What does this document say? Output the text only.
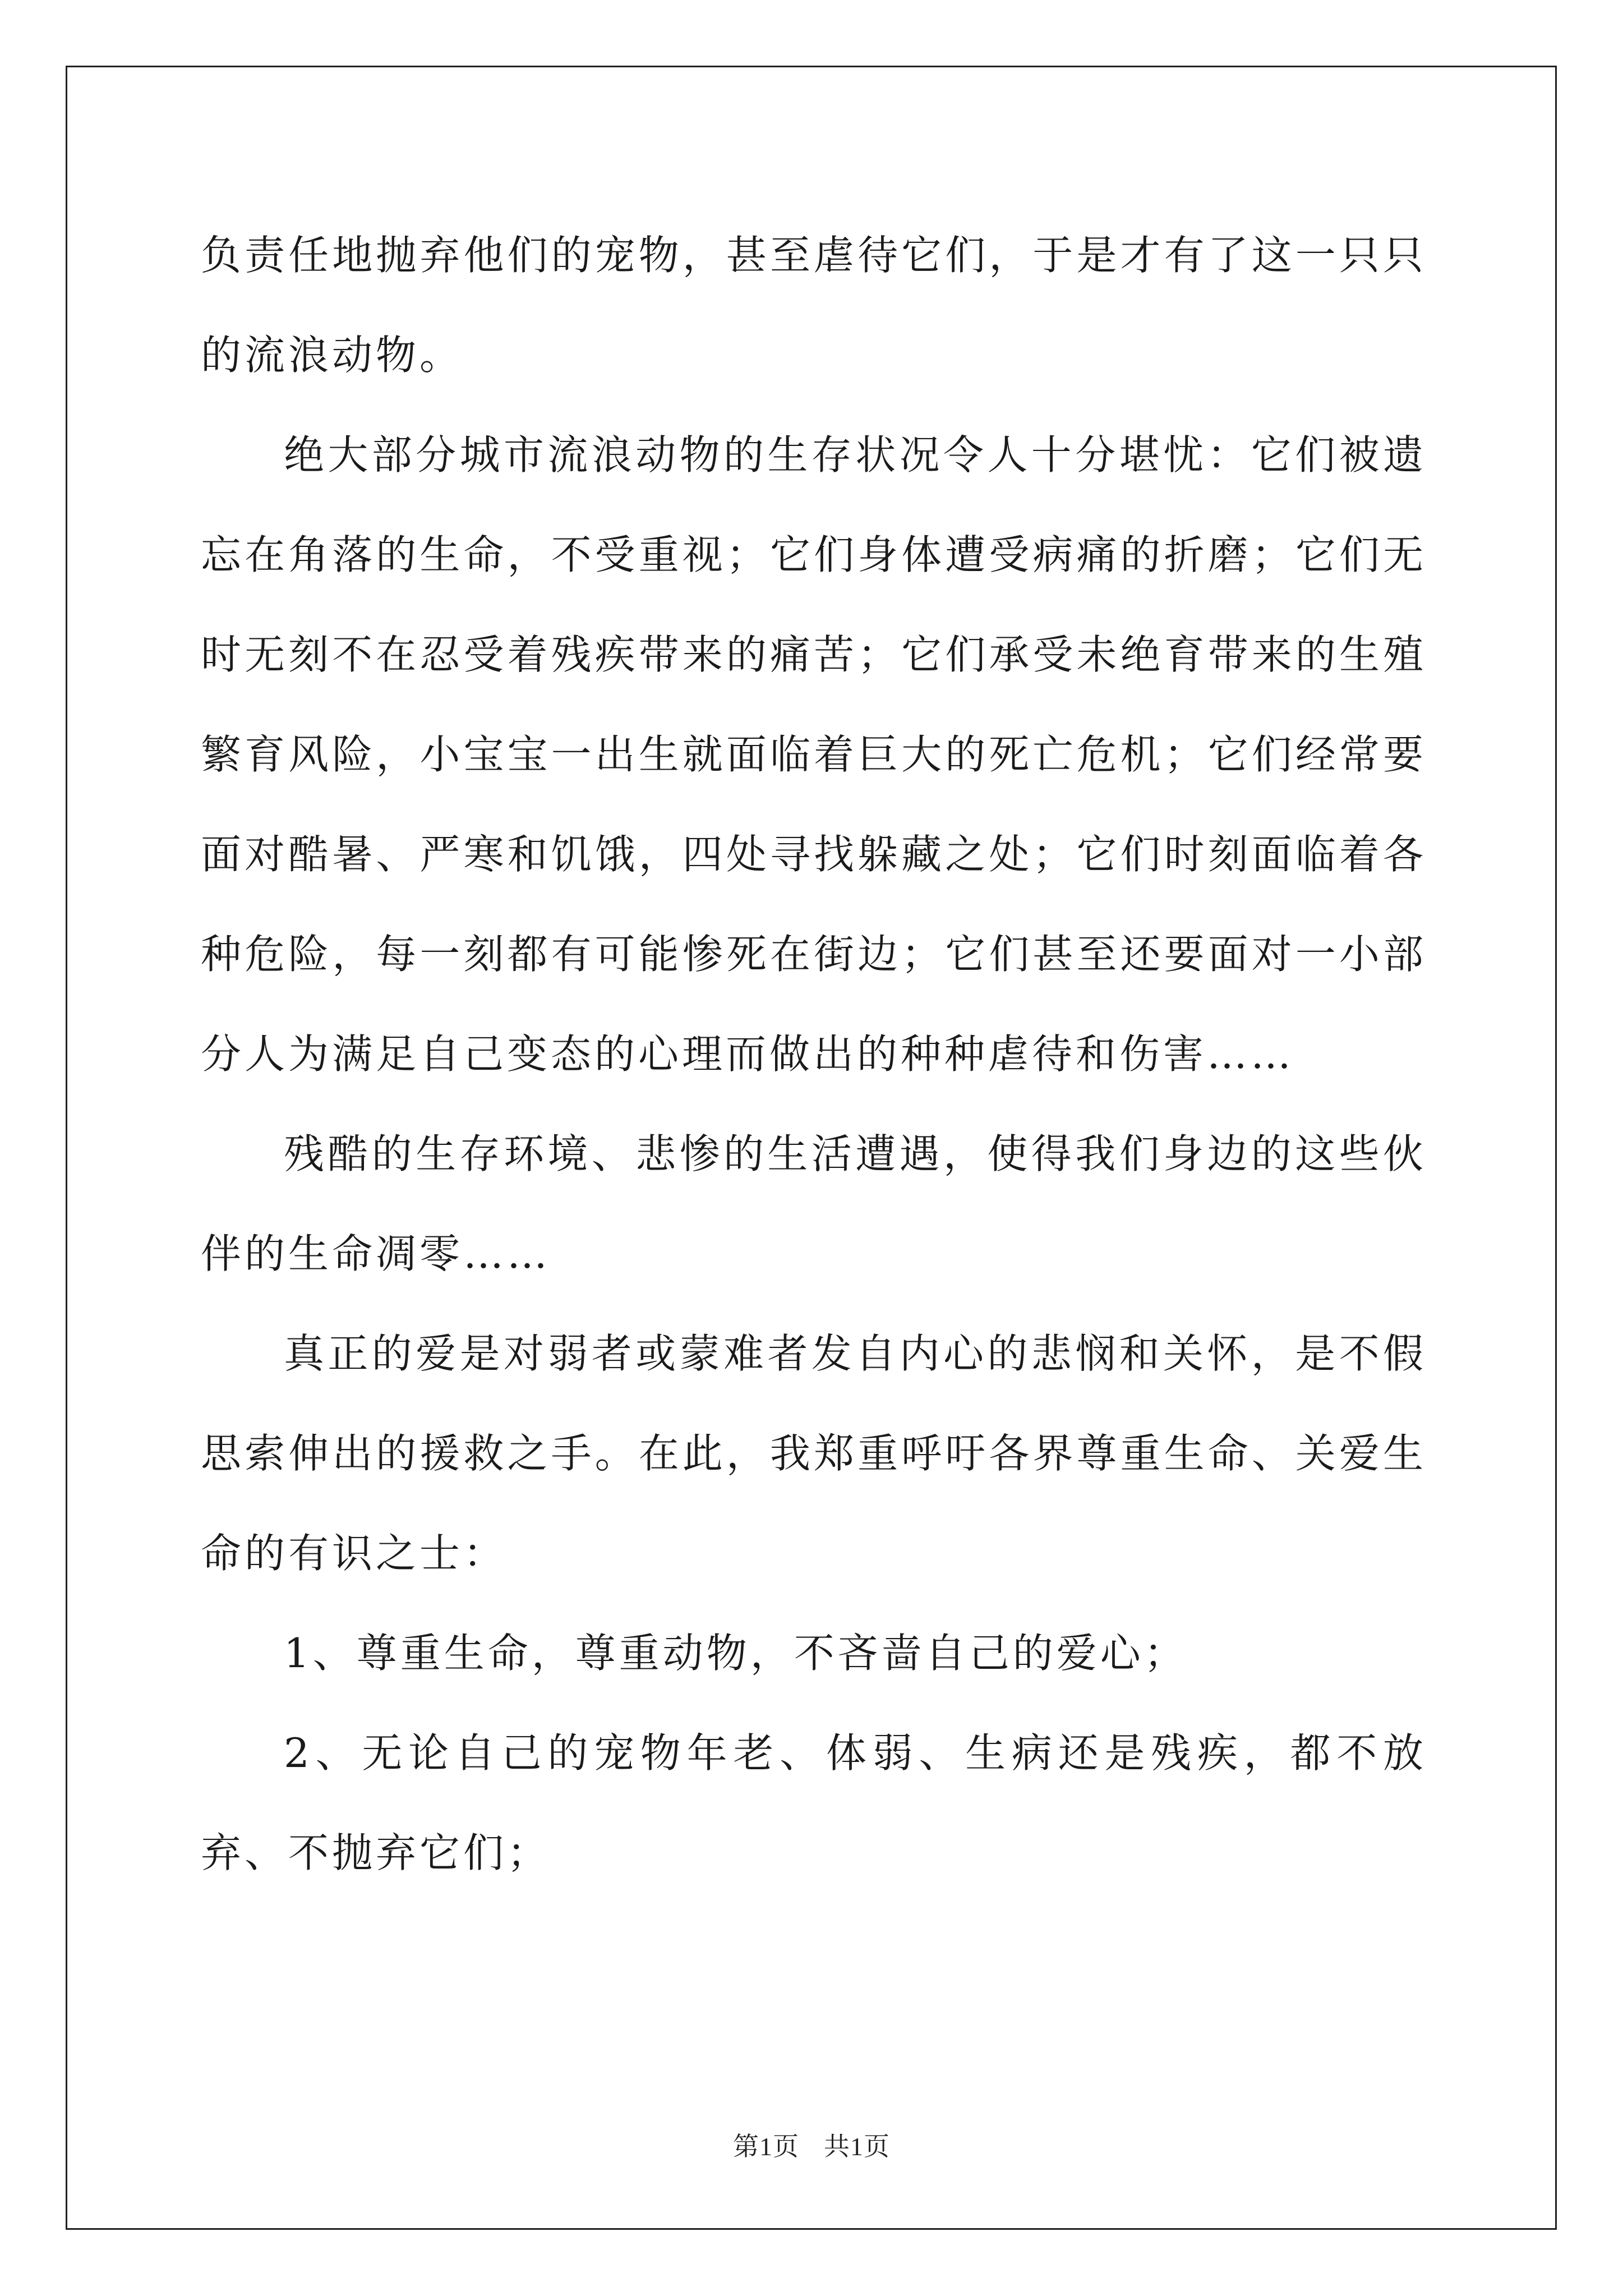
负责任地抛弃他们的宠物，甚至虐待它们，于是才有了这一只只的流浪动物。

绝大部分城市流浪动物的生存状况令人十分堪忧：它们被遗忘在角落的生命，不受重视；它们身体遭受病痛的折磨；它们无时无刻不在忍受着残疾带来的痛苦；它们承受未绝育带来的生殖繁育风险，小宝宝一出生就面临着巨大的死亡危机；它们经常要面对酷暑、严寒和饥饿，四处寻找躲藏之处；它们时刻面临着各种危险，每一刻都有可能惨死在街边；它们甚至还要面对一小部分人为满足自己变态的心理而做出的种种虐待和伤害……

残酷的生存环境、悲惨的生活遭遇，使得我们身边的这些伙伴的生命凋零……

真正的爱是对弱者或蒙难者发自内心的悲悯和关怀，是不假思索伸出的援救之手。在此，我郑重呼吁各界尊重生命、关爱生命的有识之士：

1、尊重生命，尊重动物，不吝啬自己的爱心；

2、无论自己的宠物年老、体弱、生病还是残疾，都不放弃、不抛弃它们；

第1页 共1页
